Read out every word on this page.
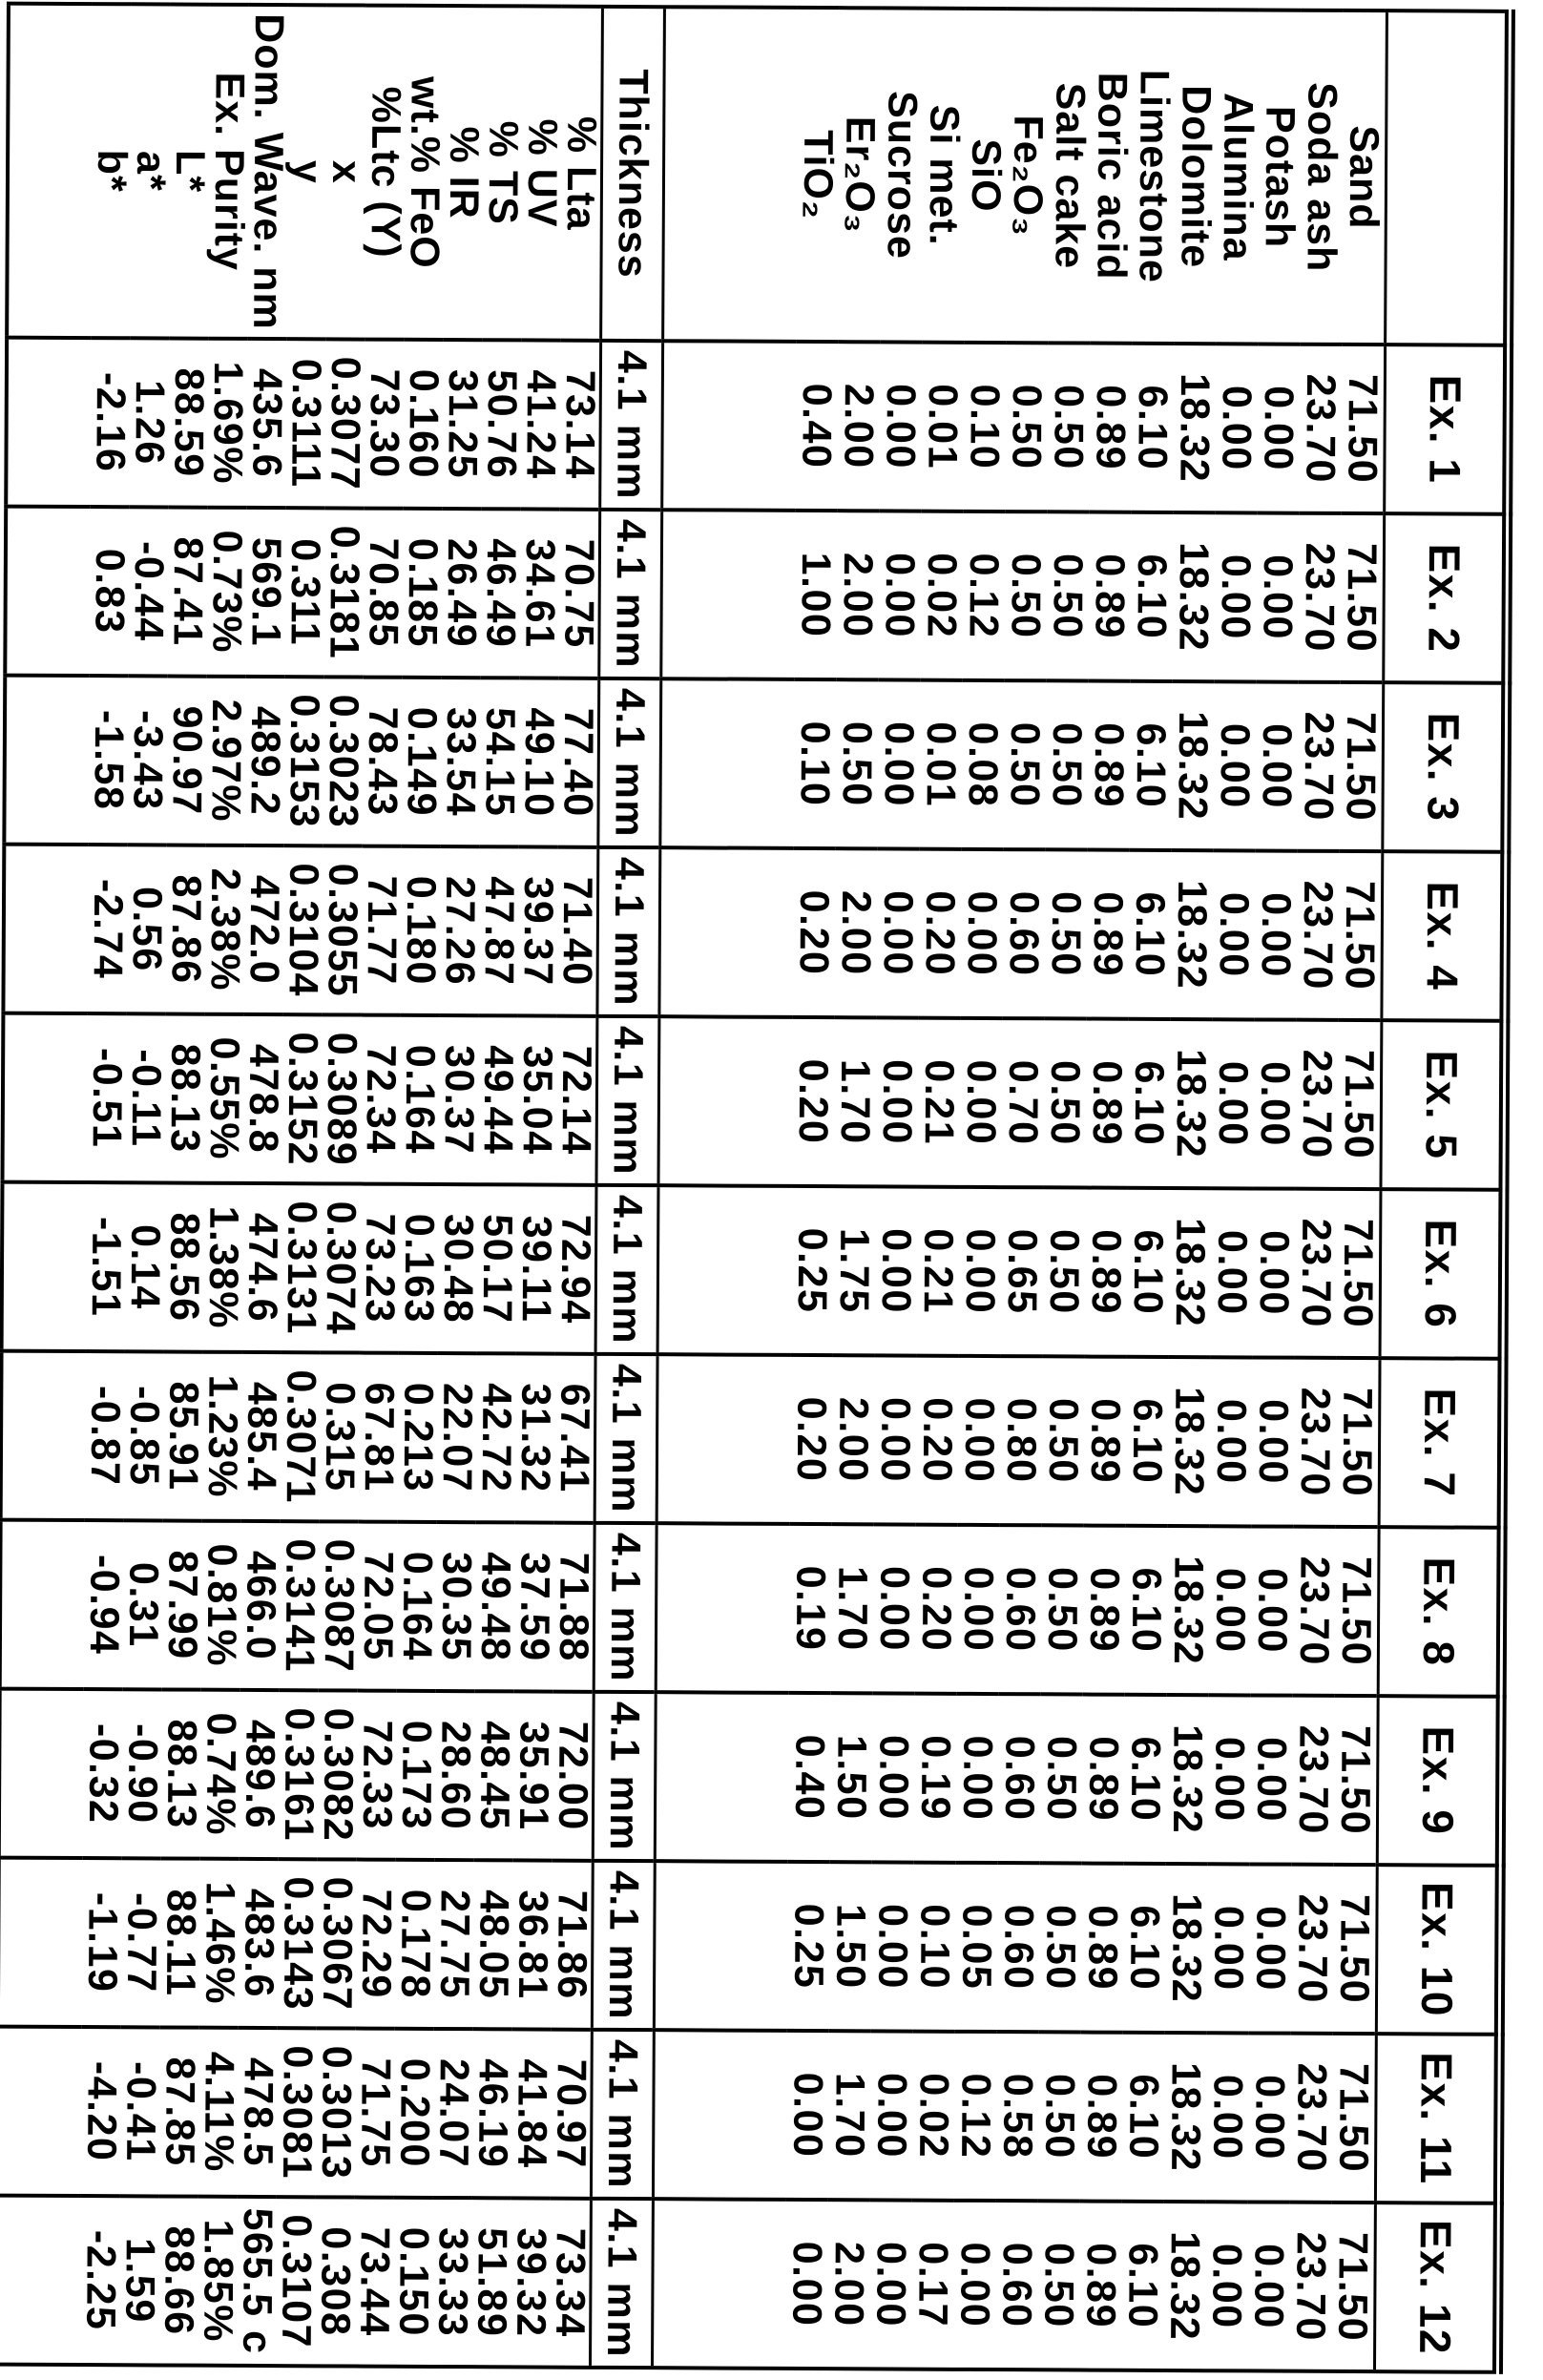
	Ex. 1	Ex. 2	Ex. 3	Ex. 4	Ex. 5	Ex. 6	Ex. 7	Ex. 8	Ex. 9	Ex. 10	Ex. 11	Ex. 12
Sand	71.50	71.50	71.50	71.50	71.50	71.50	71.50	71.50	71.50	71.50	71.50	71.50
Soda ash	23.70	23.70	23.70	23.70	23.70	23.70	23.70	23.70	23.70	23.70	23.70	23.70
Potash	0.00	0.00	0.00	0.00	0.00	0.00	0.00	0.00	0.00	0.00	0.00	0.00
Alumina	0.00	0.00	0.00	0.00	0.00	0.00	0.00	0.00	0.00	0.00	0.00	0.00
Dolomite	18.32	18.32	18.32	18.32	18.32	18.32	18.32	18.32	18.32	18.32	18.32	18.32
Limestone	6.10	6.10	6.10	6.10	6.10	6.10	6.10	6.10	6.10	6.10	6.10	6.10
Boric acid	0.89	0.89	0.89	0.89	0.89	0.89	0.89	0.89	0.89	0.89	0.89	0.89
Salt cake	0.50	0.50	0.50	0.50	0.50	0.50	0.50	0.50	0.50	0.50	0.50	0.50
Fe₂O₃	0.50	0.50	0.50	0.60	0.70	0.65	0.80	0.60	0.60	0.60	0.58	0.60
SiO	0.10	0.12	0.08	0.00	0.00	0.00	0.00	0.00	0.00	0.05	0.12	0.00
Si met.	0.01	0.02	0.01	0.20	0.21	0.21	0.20	0.20	0.19	0.10	0.02	0.17
Sucrose	0.00	0.00	0.00	0.00	0.00	0.00	0.00	0.00	0.00	0.00	0.00	0.00
Er₂O₃	2.00	2.00	0.50	2.00	1.70	1.75	2.00	1.70	1.50	1.50	1.70	2.00
TiO₂	0.40	1.00	0.10	0.20	0.20	0.25	0.20	0.19	0.40	0.25	0.00	0.00

Thickness	4.1 mm	4.1 mm	4.1 mm	4.1 mm	4.1 mm	4.1 mm	4.1 mm	4.1 mm	4.1 mm	4.1 mm	4.1 mm	4.1 mm
% Lta	73.14	70.75	77.40	71.40	72.14	72.94	67.41	71.88	72.00	71.86	70.97	73.34
% UV	41.24	34.61	49.10	39.37	35.04	39.11	31.32	37.59	35.91	36.81	41.84	39.32
% TS	50.76	46.49	54.15	47.87	49.44	50.17	42.72	49.48	48.45	48.05	46.19	51.89
% IR	31.25	26.49	33.54	27.26	30.37	30.48	22.07	30.35	28.60	27.75	24.07	33.33
wt.% FeO	0.160	0.185	0.149	0.180	0.164	0.163	0.213	0.164	0.173	0.178	0.200	0.150
%Ltc (Y)	73.30	70.85	78.43	71.77	72.34	73.23	67.81	72.05	72.33	72.29	71.75	73.44
x	0.3077	0.3181	0.3023	0.3055	0.3089	0.3074	0.315	0.3087	0.3082	0.3067	0.3013	0.308
y	0.3111	0.311	0.3153	0.3104	0.3152	0.3131	0.3071	0.3141	0.3161	0.3143	0.3081	0.3107
Dom. Wave. nm	435.6	569.1	489.2	472.0	478.8	474.6	485.4	466.0	489.6	483.6	478.5	565.5 c
Ex. Purity	1.69%	0.73%	2.97%	2.38%	0.55%	1.38%	1.23%	0.81%	0.74%	1.46%	4.11%	1.85%
L*	88.59	87.41	90.97	87.86	88.13	88.56	85.91	87.99	88.13	88.11	87.85	88.66
a*	1.26	-0.44	-3.43	0.56	-0.11	0.14	-0.85	0.31	-0.90	-0.77	-0.41	1.59
b*	-2.16	0.83	-1.58	-2.74	-0.51	-1.51	-0.87	-0.94	-0.32	-1.19	-4.20	-2.25
